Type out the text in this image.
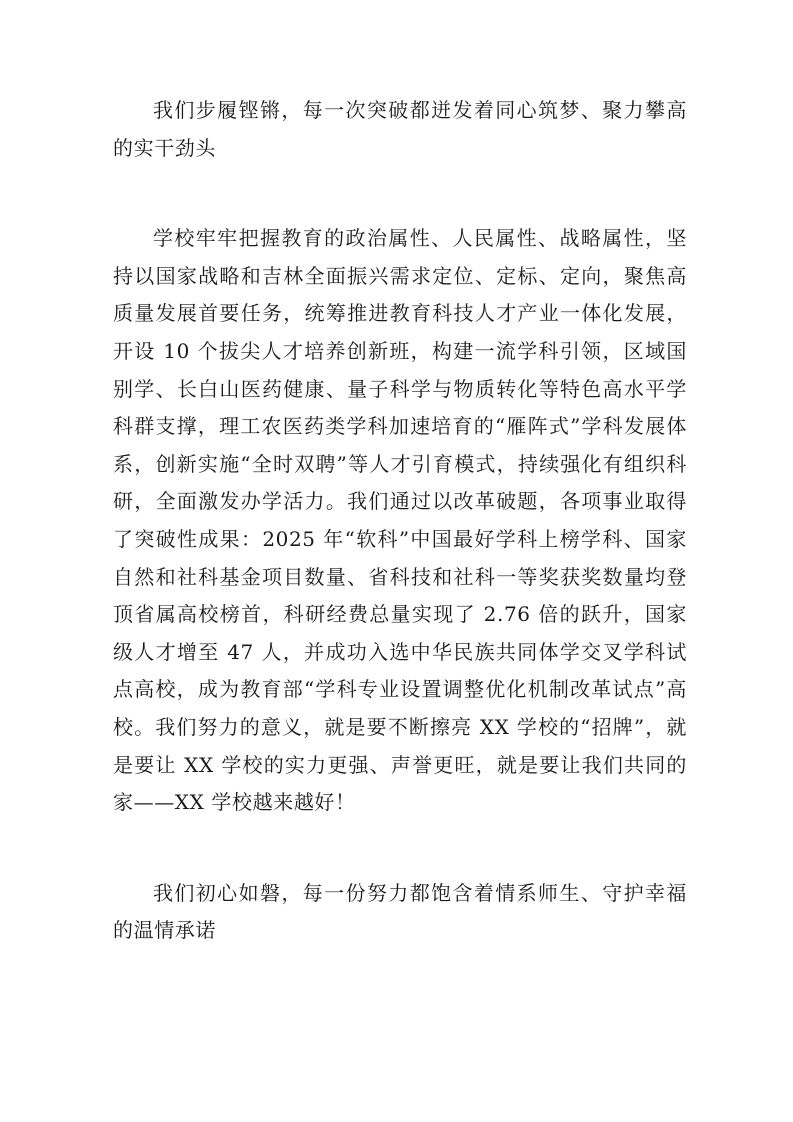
我们步履铿锵，每一次突破都迸发着同心筑梦、聚力攀高的实干劲头

学校牢牢把握教育的政治属性、人民属性、战略属性，坚持以国家战略和吉林全面振兴需求定位、定标、定向，聚焦高质量发展首要任务，统筹推进教育科技人才产业一体化发展，开设 10 个拔尖人才培养创新班，构建一流学科引领，区域国别学、长白山医药健康、量子科学与物质转化等特色高水平学科群支撑，理工农医药类学科加速培育的“雁阵式”学科发展体系，创新实施“全时双聘”等人才引育模式，持续强化有组织科研，全面激发办学活力。我们通过以改革破题，各项事业取得了突破性成果：2025 年“软科”中国最好学科上榜学科、国家自然和社科基金项目数量、省科技和社科一等奖获奖数量均登顶省属高校榜首，科研经费总量实现了 2.76 倍的跃升，国家级人才增至 47 人，并成功入选中华民族共同体学交叉学科试点高校，成为教育部“学科专业设置调整优化机制改革试点”高校。我们努力的意义，就是要不断擦亮 XX 学校的“招牌”，就是要让 XX 学校的实力更强、声誉更旺，就是要让我们共同的家——XX 学校越来越好！

我们初心如磐，每一份努力都饱含着情系师生、守护幸福的温情承诺
